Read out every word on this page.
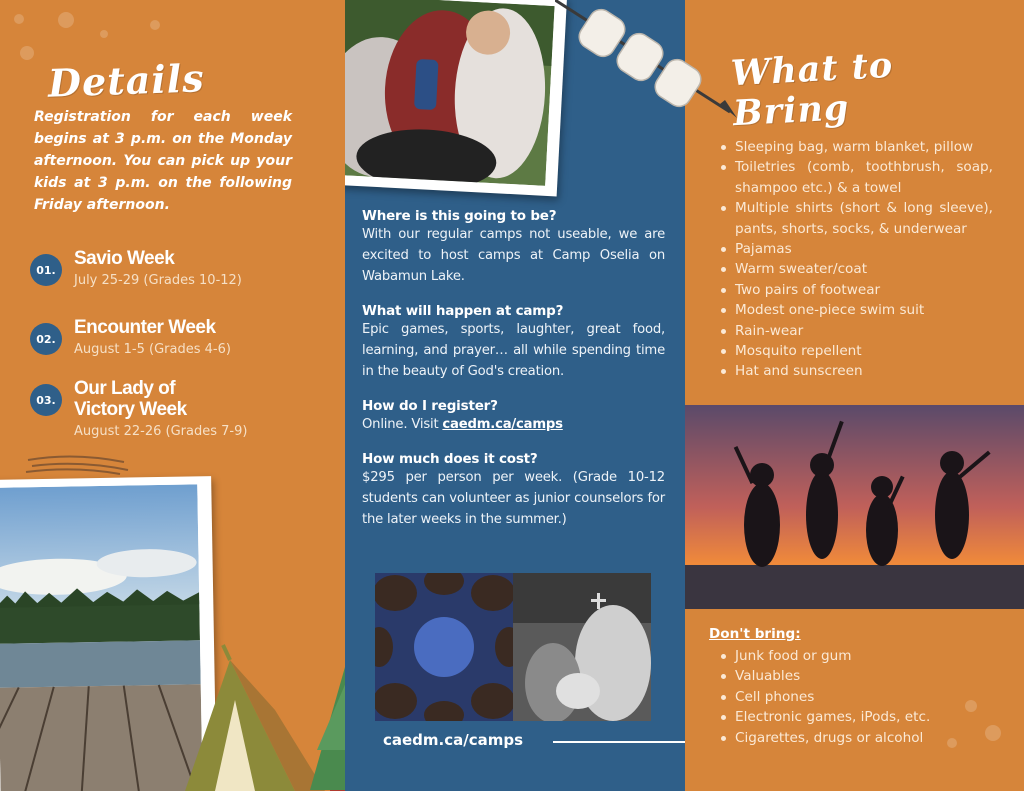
Details
Registration for each week begins at 3 p.m. on the Monday afternoon. You can pick up your kids at 3 p.m. on the following Friday afternoon.
01.
Savio Week
July 25-29 (Grades 10-12)
02.
Encounter Week
August 1-5 (Grades 4-6)
03.
Our Lady of Victory Week
August 22-26 (Grades 7-9)
Where is this going to be?
With our regular camps not useable, we are excited to host camps at Camp Oselia on Wabamun Lake.
What will happen at camp?
Epic games, sports, laughter, great food, learning, and prayer… all while spending time in the beauty of God's creation.
How do I register?
Online. Visit caedm.ca/camps
How much does it cost?
$295 per person per week. (Grade 10-12 students can volunteer as junior counselors for the later weeks in the summer.)
caedm.ca/camps
What to
Bring
Sleeping bag, warm blanket, pillow
Toiletries (comb, toothbrush, soap, shampoo etc.) & a towel
Multiple shirts (short & long sleeve), pants, shorts, socks, & underwear
Pajamas
Warm sweater/coat
Two pairs of footwear
Modest one-piece swim suit
Rain-wear
Mosquito repellent
Hat and sunscreen
Don't bring:
Junk food or gum
Valuables
Cell phones
Electronic games, iPods, etc.
Cigarettes, drugs or alcohol
